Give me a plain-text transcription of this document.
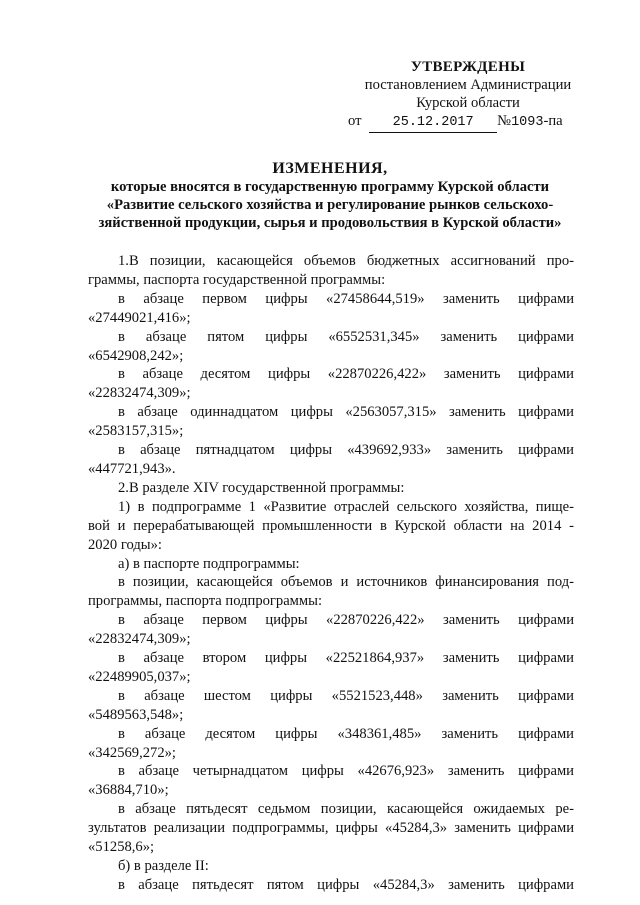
УТВЕРЖДЕНЫ
постановлением Администрации
Курской области
от 25.12.2017 №1093-па
ИЗМЕНЕНИЯ,
которые вносятся в государственную программу Курской области
«Развитие сельского хозяйства и регулирование рынков сельскохо-
зяйственной продукции, сырья и продовольствия в Курской области»

1.В позиции, касающейся объемов бюджетных ассигнований про-

граммы, паспорта государственной программы:

в абзаце первом цифры «27458644,519» заменить цифрами

«27449021,416»;

в абзаце пятом цифры «6552531,345» заменить цифрами

«6542908,242»;

в абзаце десятом цифры «22870226,422» заменить цифрами

«22832474,309»;

в абзаце одиннадцатом цифры «2563057,315» заменить цифрами

«2583157,315»;

в абзаце пятнадцатом цифры «439692,933» заменить цифрами

«447721,943».

2.В разделе XIV государственной программы:

1) в подпрограмме 1 «Развитие отраслей сельского хозяйства, пище-

вой и перерабатывающей промышленности в Курской области на 2014 -

2020 годы»:

а) в паспорте подпрограммы:

в позиции, касающейся объемов и источников финансирования под-

программы, паспорта подпрограммы:

в абзаце первом цифры «22870226,422» заменить цифрами

«22832474,309»;

в абзаце втором цифры «22521864,937» заменить цифрами

«22489905,037»;

в абзаце шестом цифры «5521523,448» заменить цифрами

«5489563,548»;

в абзаце десятом цифры «348361,485» заменить цифрами

«342569,272»;

в абзаце четырнадцатом цифры «42676,923» заменить цифрами

«36884,710»;

в абзаце пятьдесят седьмом позиции, касающейся ожидаемых ре-

зультатов реализации подпрограммы, цифры «45284,3» заменить цифрами

«51258,6»;

б) в разделе II:

в абзаце пятьдесят пятом цифры «45284,3» заменить цифрами
